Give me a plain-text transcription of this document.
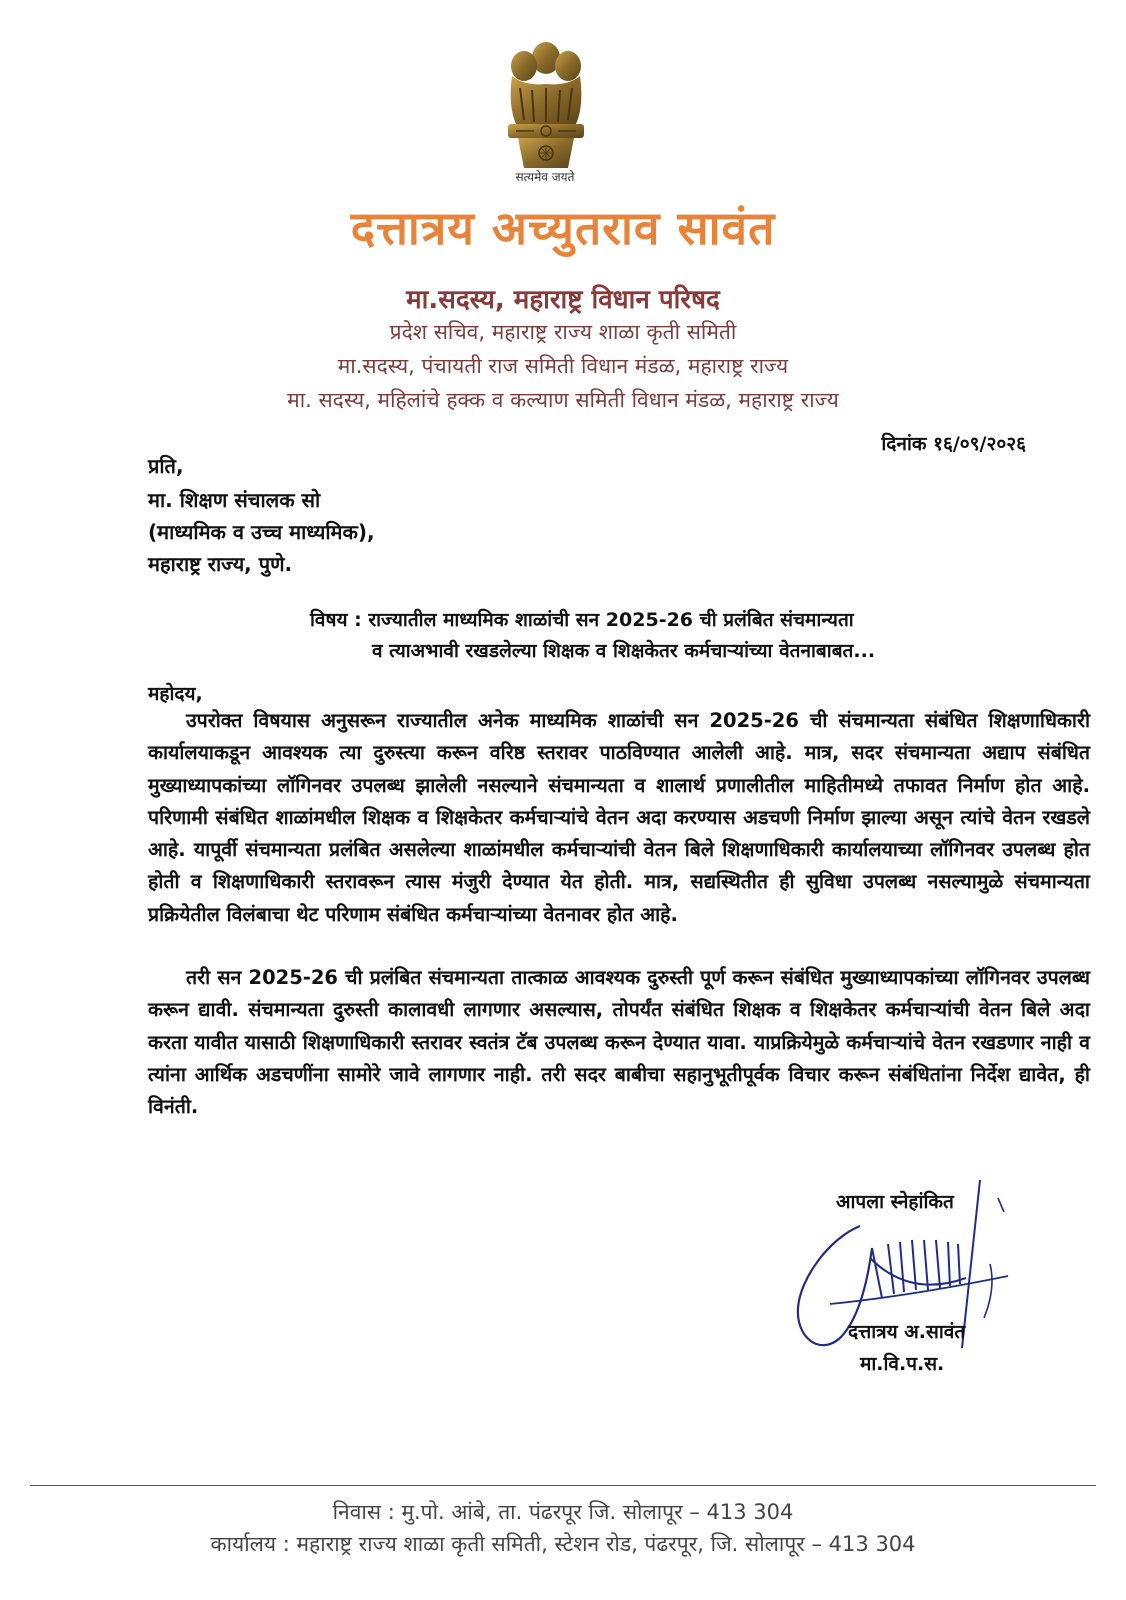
सत्यमेव जयते
दत्तात्रय अच्युतराव सावंत
मा.सदस्य, महाराष्ट्र विधान परिषद
प्रदेश सचिव, महाराष्ट्र राज्य शाळा कृती समिती
मा.सदस्य, पंचायती राज समिती विधान मंडळ, महाराष्ट्र राज्य
मा. सदस्य, महिलांचे हक्क व कल्याण समिती विधान मंडळ, महाराष्ट्र राज्य
दिनांक १६/०९/२०२६
प्रति,
मा. शिक्षण संचालक सो
(माध्यमिक व उच्च माध्यमिक),
महाराष्ट्र राज्य, पुणे.
विषय : राज्यातील माध्यमिक शाळांची सन 2025-26 ची प्रलंबित संचमान्यता
व त्याअभावी रखडलेल्या शिक्षक व शिक्षकेतर कर्मचाऱ्यांच्या वेतनाबाबत...
महोदय,
उपरोक्त विषयास अनुसरून राज्यातील अनेक माध्यमिक शाळांची सन 2025-26 ची संचमान्यता संबंधित शिक्षणाधिकारी कार्यालयाकडून आवश्यक त्या दुरुस्त्या करून वरिष्ठ स्तरावर पाठविण्यात आलेली आहे. मात्र, सदर संचमान्यता अद्याप संबंधित मुख्याध्यापकांच्या लॉगिनवर उपलब्ध झालेली नसल्याने संचमान्यता व शालार्थ प्रणालीतील माहितीमध्ये तफावत निर्माण होत आहे. परिणामी संबंधित शाळांमधील शिक्षक व शिक्षकेतर कर्मचाऱ्यांचे वेतन अदा करण्यास अडचणी निर्माण झाल्या असून त्यांचे वेतन रखडले आहे. यापूर्वी संचमान्यता प्रलंबित असलेल्या शाळांमधील कर्मचाऱ्यांची वेतन बिले शिक्षणाधिकारी कार्यालयाच्या लॉगिनवर उपलब्ध होत होती व शिक्षणाधिकारी स्तरावरून त्यास मंजुरी देण्यात येत होती. मात्र, सद्यस्थितीत ही सुविधा उपलब्ध नसल्यामुळे संचमान्यता प्रक्रियेतील विलंबाचा थेट परिणाम संबंधित कर्मचाऱ्यांच्या वेतनावर होत आहे.
तरी सन 2025-26 ची प्रलंबित संचमान्यता तात्काळ आवश्यक दुरुस्ती पूर्ण करून संबंधित मुख्याध्यापकांच्या लॉगिनवर उपलब्ध करून द्यावी. संचमान्यता दुरुस्ती कालावधी लागणार असल्यास, तोपर्यंत संबंधित शिक्षक व शिक्षकेतर कर्मचाऱ्यांची वेतन बिले अदा करता यावीत यासाठी शिक्षणाधिकारी स्तरावर स्वतंत्र टॅब उपलब्ध करून देण्यात यावा. याप्रक्रियेमुळे कर्मचाऱ्यांचे वेतन रखडणार नाही व त्यांना आर्थिक अडचणींना सामोरे जावे लागणार नाही. तरी सदर बाबीचा सहानुभूतीपूर्वक विचार करून संबंधितांना निर्देश द्यावेत, ही विनंती.
आपला स्नेहांकित
दत्तात्रय अ.सावंत
मा.वि.प.स.
निवास : मु.पो. आंबे, ता. पंढरपूर जि. सोलापूर – 413 304
कार्यालय : महाराष्ट्र राज्य शाळा कृती समिती, स्टेशन रोड, पंढरपूर, जि. सोलापूर – 413 304
